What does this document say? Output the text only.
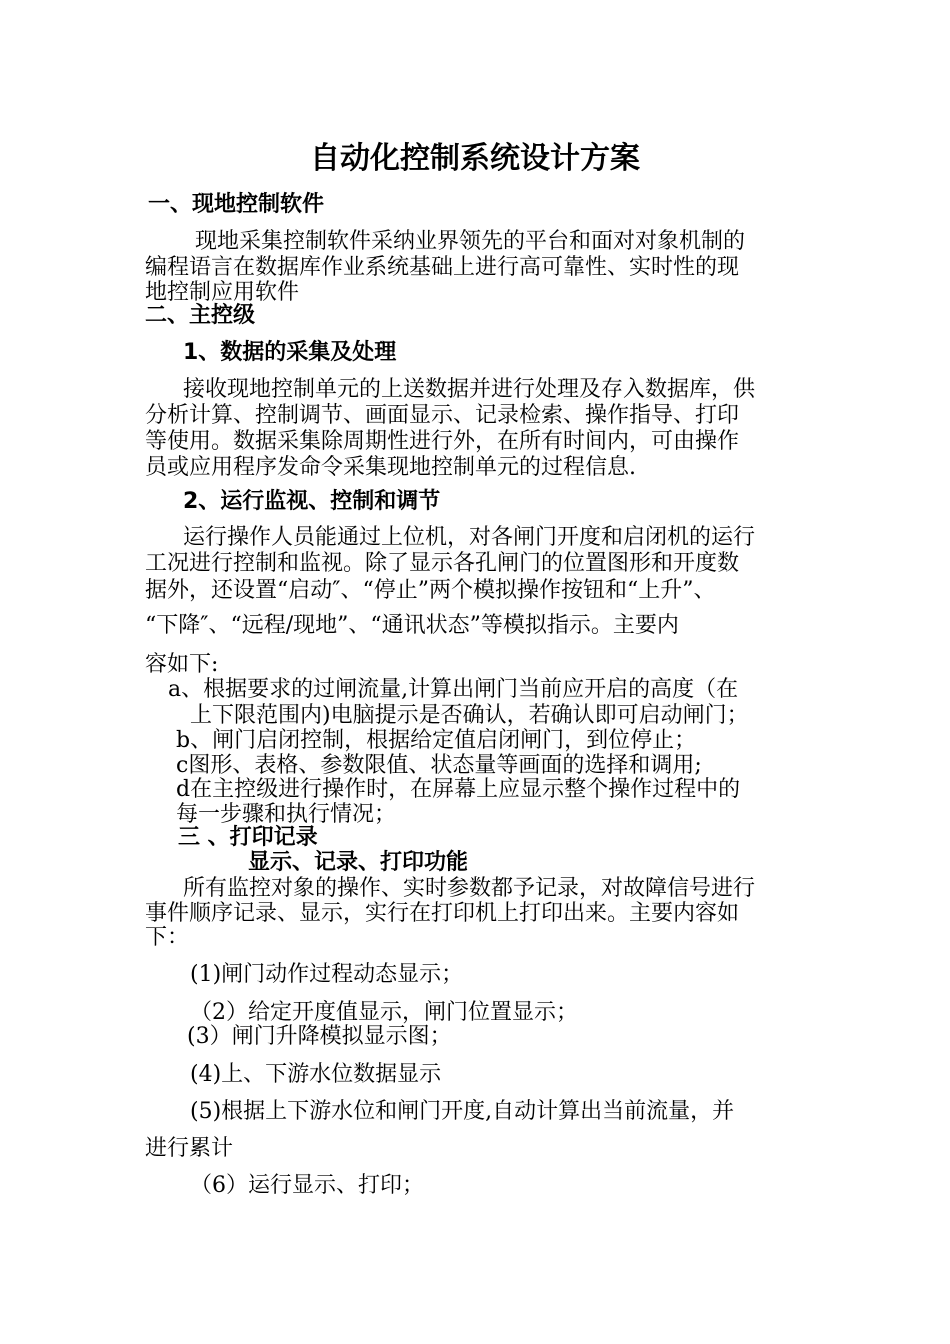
自动化控制系统设计方案
一、现地控制软件
现地采集控制软件采纳业界领先的平台和面对对象机制的
编程语言在数据库作业系统基础上进行高可靠性、实时性的现
地控制应用软件
二、主控级
1、数据的采集及处理
接收现地控制单元的上送数据并进行处理及存入数据库，供
分析计算、控制调节、画面显示、记录检索、操作指导、打印
等使用。数据采集除周期性进行外，在所有时间内，可由操作
员或应用程序发命令采集现地控制单元的过程信息.
2、运行监视、控制和调节
运行操作人员能通过上位机，对各闸门开度和启闭机的运行
工况进行控制和监视。除了显示各孔闸门的位置图形和开度数
据外，还设置“启动″、“停止”两个模拟操作按钮和“上升”、
“下降″、“远程/现地”、“通讯状态”等模拟指示。主要内
容如下:
a、根据要求的过闸流量,计算出闸门当前应开启的高度（在
上下限范围内)电脑提示是否确认，若确认即可启动闸门；
b、闸门启闭控制，根据给定值启闭闸门，到位停止；
c图形、表格、参数限值、状态量等画面的选择和调用;
d在主控级进行操作时，在屏幕上应显示整个操作过程中的
每一步骤和执行情况；
三 、打印记录
显示、记录、打印功能
所有监控对象的操作、实时参数都予记录，对故障信号进行
事件顺序记录、显示，实行在打印机上打印出来。主要内容如
下：
(1)闸门动作过程动态显示；
（2）给定开度值显示，闸门位置显示；
(3）闸门升降模拟显示图；
(4)上、下游水位数据显示
(5)根据上下游水位和闸门开度,自动计算出当前流量，并
进行累计
（6）运行显示、打印；
